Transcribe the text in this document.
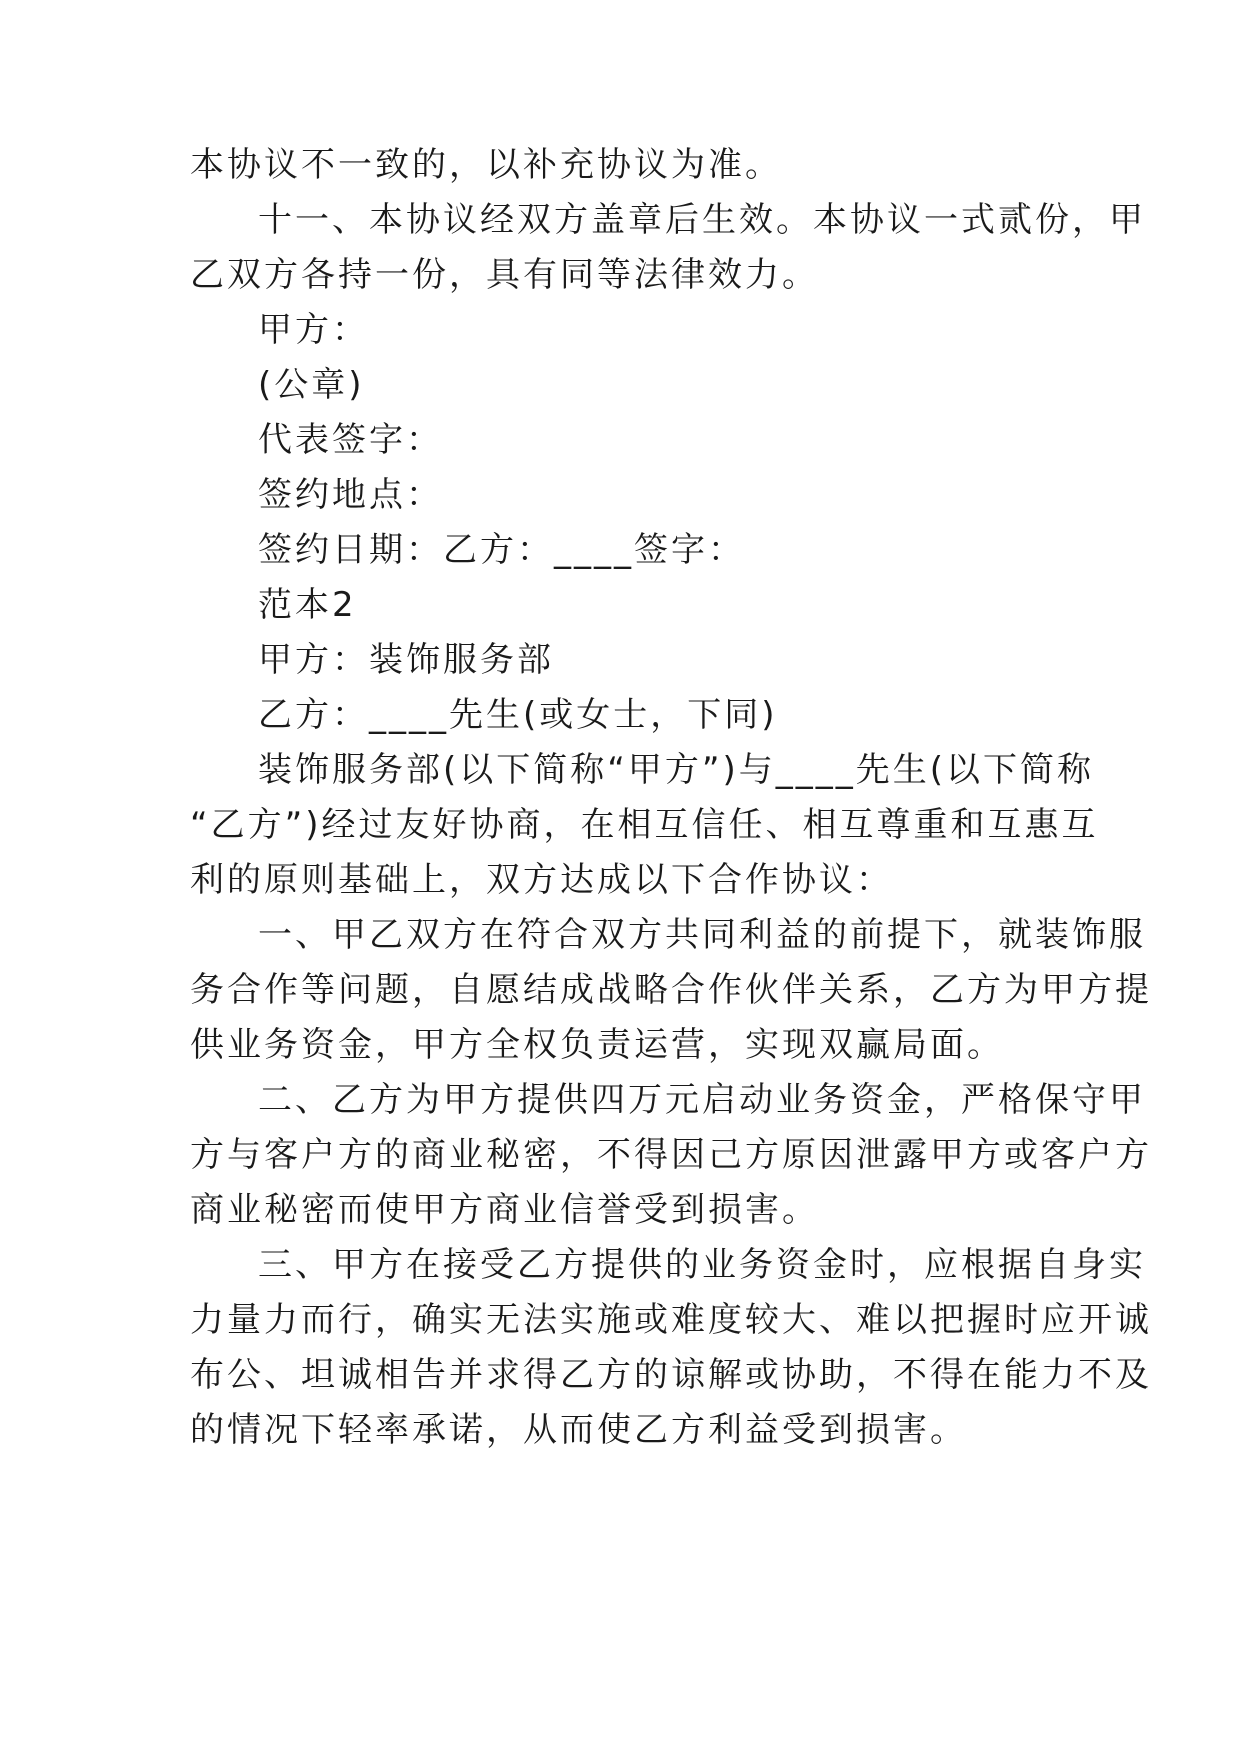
本协议不一致的，以补充协议为准。

十一、本协议经双方盖章后生效。本协议一式贰份，甲

乙双方各持一份，具有同等法律效力。

甲方：

(公章)

代表签字：

签约地点：

签约日期：乙方：____签字：

范本2

甲方：装饰服务部

乙方：____先生(或女士，下同)

装饰服务部(以下简称“甲方”)与____先生(以下简称

“乙方”)经过友好协商，在相互信任、相互尊重和互惠互

利的原则基础上，双方达成以下合作协议：

一、甲乙双方在符合双方共同利益的前提下，就装饰服

务合作等问题，自愿结成战略合作伙伴关系，乙方为甲方提

供业务资金，甲方全权负责运营，实现双赢局面。

二、乙方为甲方提供四万元启动业务资金，严格保守甲

方与客户方的商业秘密，不得因己方原因泄露甲方或客户方

商业秘密而使甲方商业信誉受到损害。

三、甲方在接受乙方提供的业务资金时，应根据自身实

力量力而行，确实无法实施或难度较大、难以把握时应开诚

布公、坦诚相告并求得乙方的谅解或协助，不得在能力不及

的情况下轻率承诺，从而使乙方利益受到损害。
